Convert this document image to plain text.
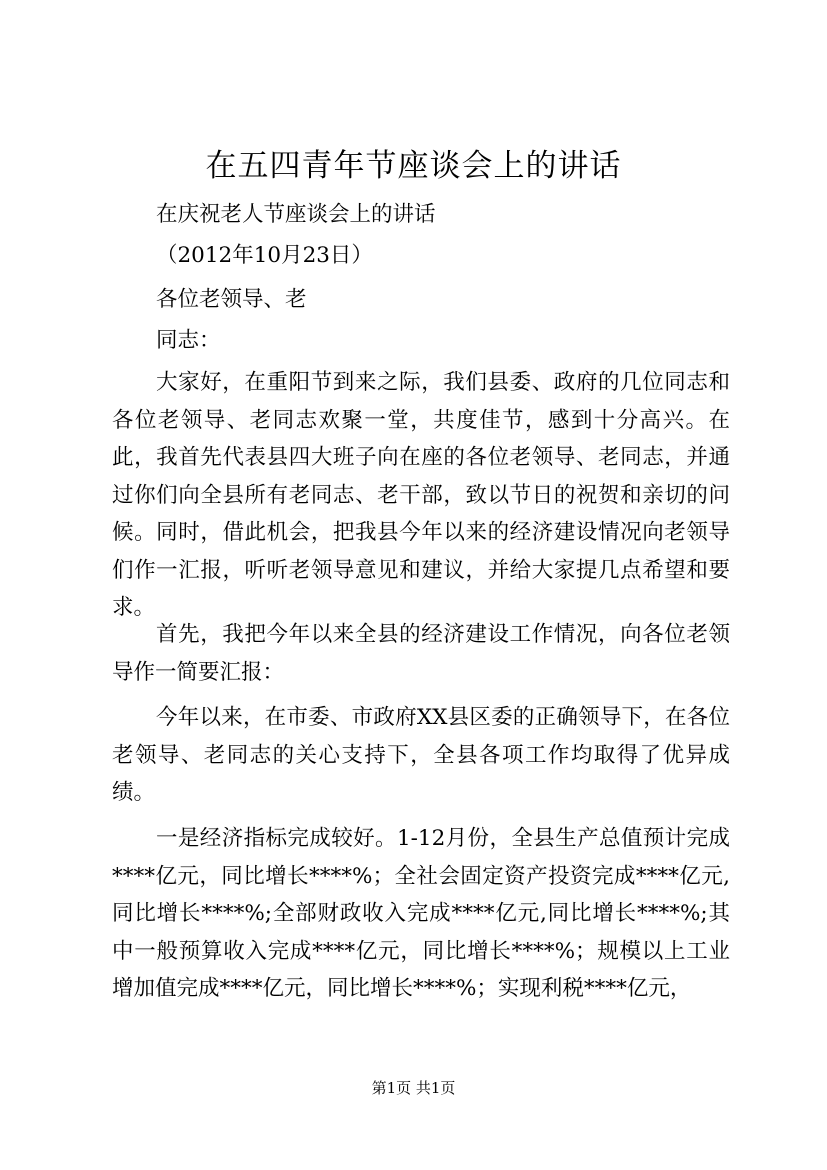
在五四青年节座谈会上的讲话

在庆祝老人节座谈会上的讲话

（2012年10月23日）

各位老领导、老

同志：

大家好，在重阳节到来之际，我们县委、政府的几位同志和各位老领导、老同志欢聚一堂，共度佳节，感到十分高兴。在此，我首先代表县四大班子向在座的各位老领导、老同志，并通过你们向全县所有老同志、老干部，致以节日的祝贺和亲切的问候。同时，借此机会，把我县今年以来的经济建设情况向老领导们作一汇报，听听老领导意见和建议，并给大家提几点希望和要求。

首先，我把今年以来全县的经济建设工作情况，向各位老领导作一简要汇报：

今年以来，在市委、市政府XX县区委的正确领导下，在各位老领导、老同志的关心支持下，全县各项工作均取得了优异成绩。

一是经济指标完成较好。1-12月份，全县生产总值预计完成****亿元，同比增长****%；全社会固定资产投资完成****亿元,同比增长****%;全部财政收入完成****亿元,同比增长****%;其中一般预算收入完成****亿元，同比增长****%；规模以上工业增加值完成****亿元，同比增长****%；实现利税****亿元，

第1页 共1页
